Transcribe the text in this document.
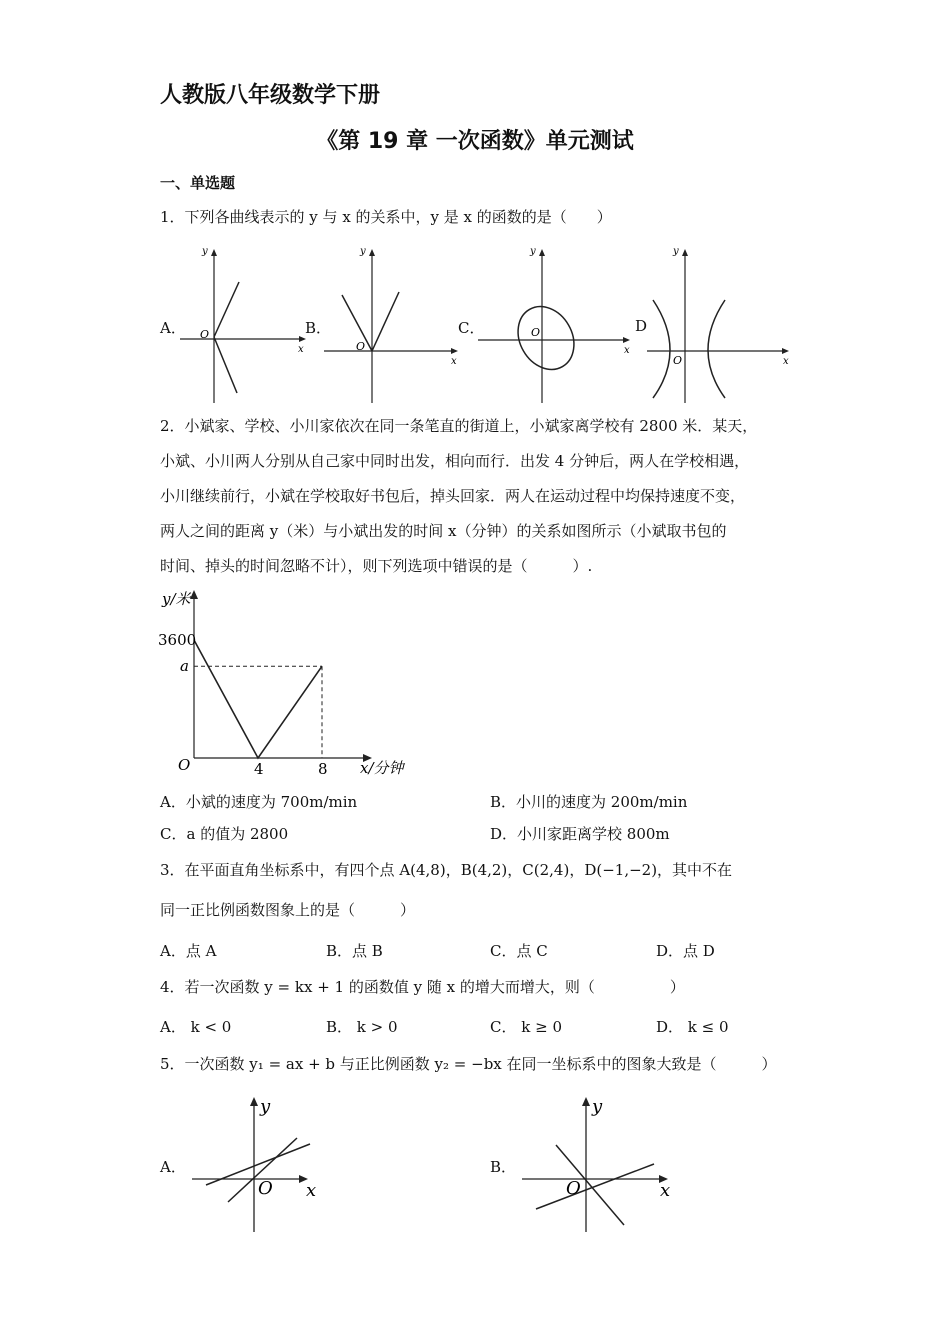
人教版八年级数学下册
《第 19 章 一次函数》单元测试
一、单选题
1．下列各曲线表示的 y 与 x 的关系中，y 是 x 的函数的是（　　）
A．	B．	C．	D
O
y
x	O
y
x
O
y
x
O
y
x

2．小斌家、学校、小川家依次在同一条笔直的街道上，小斌家离学校有 2800 米．某天，

小斌、小川两人分别从自己家中同时出发，相向而行．出发 4 分钟后，两人在学校相遇，

小川继续前行，小斌在学校取好书包后，掉头回家．两人在运动过程中均保持速度不变，

两人之间的距离 y（米）与小斌出发的时间 x（分钟）的关系如图所示（小斌取书包的

时间、掉头的时间忽略不计），则下列选项中错误的是（　　　）.

3600
a
4	8
y/米
x/分钟
O
A．小斌的速度为 700m/min	B．小川的速度为 200m/min
C．a 的值为 2800	D．小川家距离学校 800m
3．在平面直角坐标系中，有四个点 A(4,8)，B(4,2)，C(2,4)，D(−1,−2)，其中不在
同一正比例函数图象上的是（　　　）
A．点 A	B．点 B	C．点 C	D．点 D
4．若一次函数 y = kx + 1 的函数值 y 随 x 的增大而增大，则（　　　　　）
A． k < 0	B． k > 0	C． k ≥ 0	D． k ≤ 0
5．一次函数 y₁ = ax + b 与正比例函数 y₂ = −bx 在同一坐标系中的图象大致是（　　　）
A．	B．
O
y
x	O
y
x
